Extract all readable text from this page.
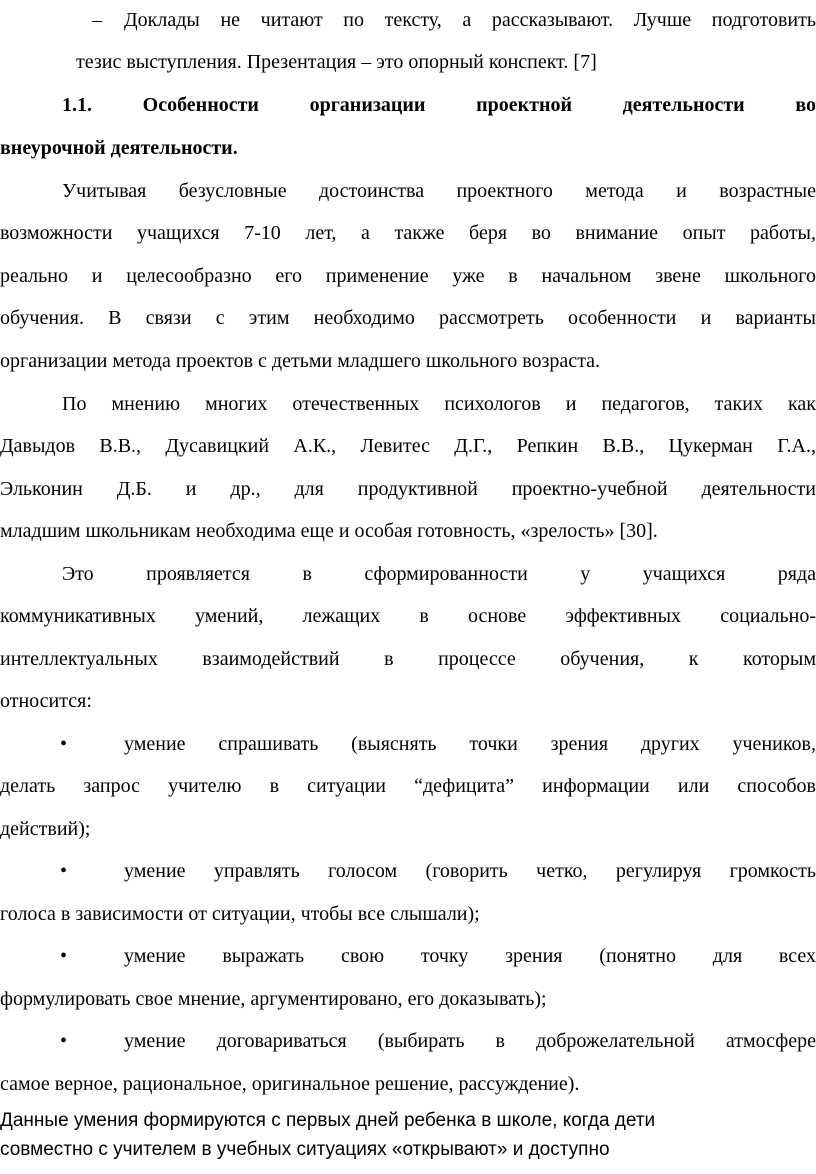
– Доклады не читают по тексту, а рассказывают. Лучше подготовить
тезис выступления. Презентация – это опорный конспект. [7]
1.1. Особенности организации проектной деятельности во
внеурочной деятельности.
Учитывая безусловные достоинства проектного метода и возрастные
возможности учащихся 7-10 лет, а также беря во внимание опыт работы,
реально и целесообразно его применение уже в начальном звене школьного
обучения. В связи с этим необходимо рассмотреть особенности и варианты
организации метода проектов с детьми младшего школьного возраста.
По мнению многих отечественных психологов и педагогов, таких как
Давыдов В.В., Дусавицкий А.К., Левитес Д.Г., Репкин В.В., Цукерман Г.А.,
Эльконин Д.Б. и др., для продуктивной проектно-учебной деятельности
младшим школьникам необходима еще и особая готовность, «зрелость» [30].
Это проявляется в сформированности у учащихся ряда
коммуникативных умений, лежащих в основе эффективных социально-
интеллектуальных взаимодействий в процессе обучения, к которым
относится:
•	умение спрашивать (выяснять точки зрения других учеников,
делать запрос учителю в ситуации “дефицита” информации или способов
действий);
•	умение управлять голосом (говорить четко, регулируя громкость
голоса в зависимости от ситуации, чтобы все слышали);
•	умение выражать свою точку зрения (понятно для всех
формулировать свое мнение, аргументировано, его доказывать);
•	умение договариваться (выбирать в доброжелательной атмосфере
самое верное, рациональное, оригинальное решение, рассуждение).
Данные умения формируются с первых дней ребенка в школе, когда дети
совместно с учителем в учебных ситуациях «открывают» и доступно
